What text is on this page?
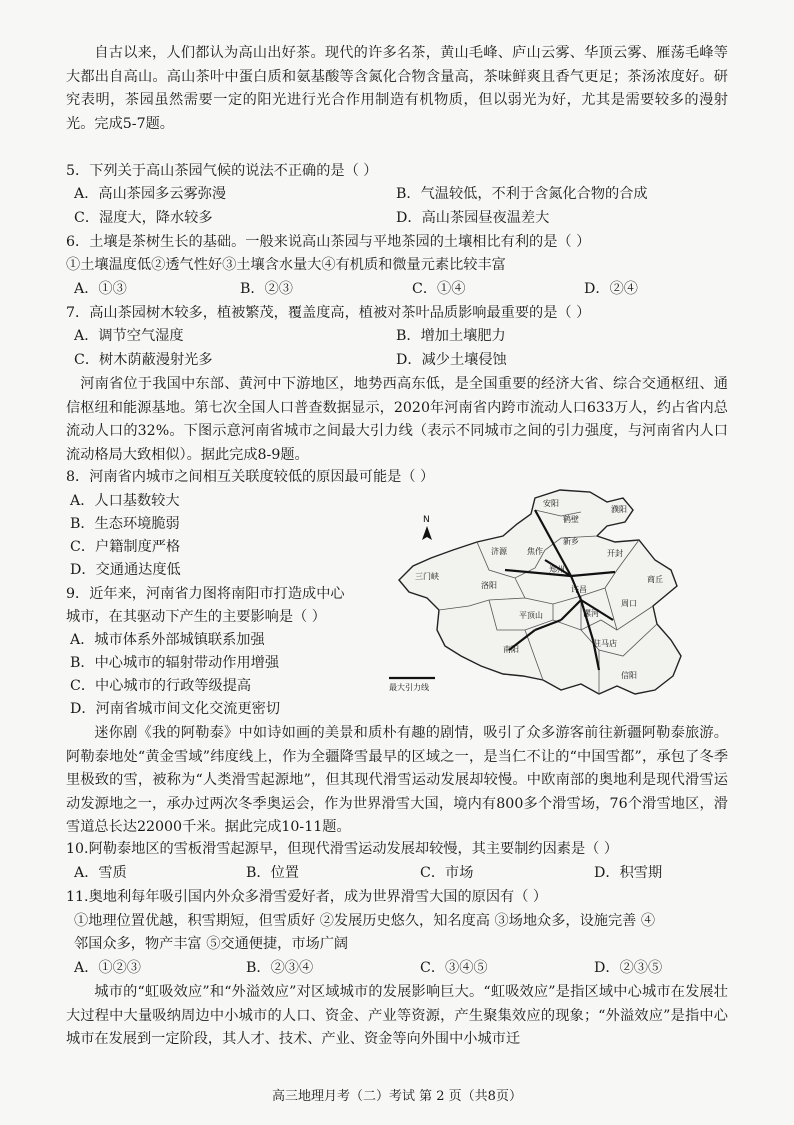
自古以来，人们都认为高山出好茶。现代的许多名茶，黄山毛峰、庐山云雾、华顶云雾、雁荡毛峰等大都出自高山。高山茶叶中蛋白质和氨基酸等含氮化合物含量高，茶味鲜爽且香气更足；茶汤浓度好。研究表明，茶园虽然需要一定的阳光进行光合作用制造有机物质，但以弱光为好，尤其是需要较多的漫射光。完成5-7题。
5．下列关于高山茶园气候的说法不正确的是（ ）
A．高山茶园多云雾弥漫	B．气温较低，不利于含氮化合物的合成
C．湿度大，降水较多	D．高山茶园昼夜温差大
6．土壤是茶树生长的基础。一般来说高山茶园与平地茶园的土壤相比有利的是（ ）
①土壤温度低②透气性好③土壤含水量大④有机质和微量元素比较丰富
A．①③	B．②③	C．①④	D．②④
7．高山茶园树木较多，植被繁茂，覆盖度高，植被对茶叶品质影响最重要的是（ ）
A．调节空气湿度	B．增加土壤肥力
C．树木荫蔽漫射光多	D．减少土壤侵蚀
河南省位于我国中东部、黄河中下游地区，地势西高东低，是全国重要的经济大省、综合交通枢纽、通信枢纽和能源基地。第七次全国人口普查数据显示，2020年河南省内跨市流动人口633万人，约占省内总流动人口的32%。下图示意河南省城市之间最大引力线（表示不同城市之间的引力强度，与河南省内人口流动格局大致相似）。据此完成8-9题。
8．河南省内城市之间相互关联度较低的原因最可能是（ ）
A．人口基数较大
B．生态环境脆弱
C．户籍制度严格
D．交通通达度低
9．近年来，河南省力图将南阳市打造成中心
城市，在其驱动下产生的主要影响是（ ）
A．城市体系外部城镇联系加强
B．中心城市的辐射带动作用增强
C．中心城市的行政等级提高
D．河南省城市间文化交流更密切
N
安阳
濮阳
鹤壁
新乡
济源	焦作	开封
三门峡
洛阳
郑州
商丘
许昌
平顶山	漯河
周口
南阳
驻马店
信阳
最大引力线
迷你剧《我的阿勒泰》中如诗如画的美景和质朴有趣的剧情，吸引了众多游客前往新疆阿勒泰旅游。阿勒泰地处“黄金雪域”纬度线上，作为全疆降雪最早的区域之一，是当仁不让的“中国雪都”，承包了冬季里极致的雪，被称为“人类滑雪起源地”，但其现代滑雪运动发展却较慢。中欧南部的奥地利是现代滑雪运动发源地之一，承办过两次冬季奥运会，作为世界滑雪大国，境内有800多个滑雪场，76个滑雪地区，滑雪道总长达22000千米。据此完成10-11题。
10.阿勒泰地区的雪板滑雪起源早，但现代滑雪运动发展却较慢，其主要制约因素是（ ）
A．雪质	B．位置	C．市场	D．积雪期
11.奥地利每年吸引国内外众多滑雪爱好者，成为世界滑雪大国的原因有（ ）
①地理位置优越，积雪期短，但雪质好 ②发展历史悠久，知名度高 ③场地众多，设施完善 ④
邻国众多，物产丰富 ⑤交通便捷，市场广阔
A．①②③	B．②③④	C．③④⑤	D．②③⑤
城市的“虹吸效应”和“外溢效应”对区域城市的发展影响巨大。“虹吸效应”是指区域中心城市在发展壮大过程中大量吸纳周边中小城市的人口、资金、产业等资源，产生聚集效应的现象；“外溢效应”是指中心城市在发展到一定阶段，其人才、技术、产业、资金等向外围中小城市迁
高三地理月考（二）考试 第 2 页（共8页）
